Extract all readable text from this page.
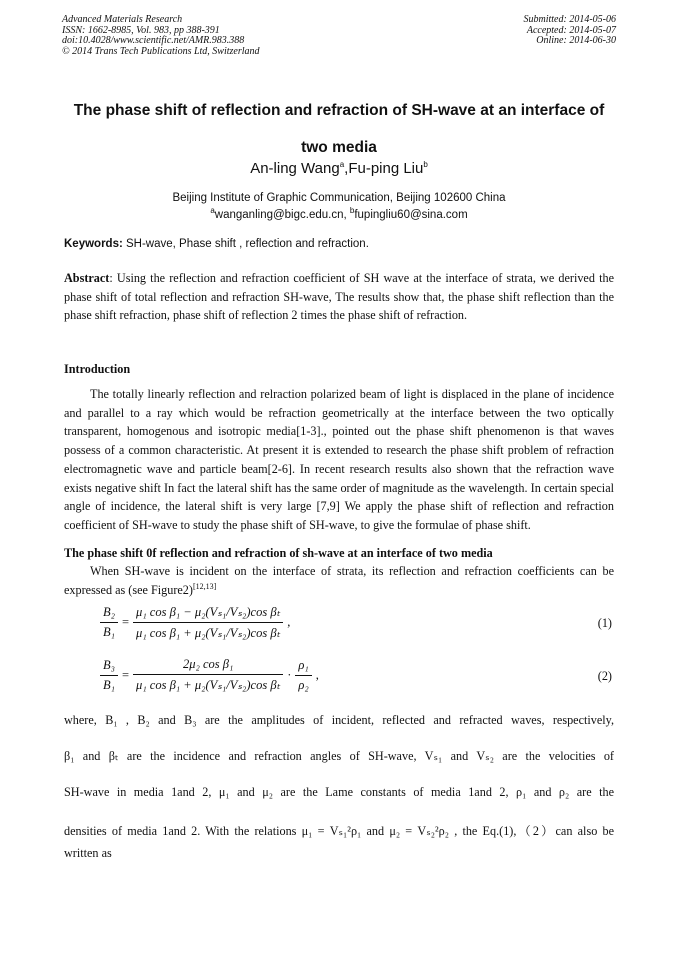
Advanced Materials Research
ISSN: 1662-8985, Vol. 983, pp 388-391
doi:10.4028/www.scientific.net/AMR.983.388
© 2014 Trans Tech Publications Ltd, Switzerland
Submitted: 2014-05-06
Accepted: 2014-05-07
Online: 2014-06-30
The phase shift of reflection and refraction of SH-wave at an interface of
two media
An-ling Wang$^a$,Fu-ping Liu$^b$
Beijing Institute of Graphic Communication, Beijing 102600 China
$^a$wanganling@bigc.edu.cn, $^b$fupingliu60@sina.com
Keywords: SH-wave, Phase shift , reflection and refraction.
Abstract: Using the reflection and refraction coefficient of SH wave at the interface of strata, we derived the phase shift of total reflection and refraction SH-wave, The results show that, the phase shift reflection than the phase shift refraction, phase shift of reflection 2 times the phase shift of refraction.
Introduction
The totally linearly reflection and relraction polarized beam of light is displaced in the plane of incidence and parallel to a ray which would be refraction geometrically at the interface between the two optically transparent, homogenous and isotropic media[1-3]., pointed out the phase shift phenomenon is that waves possess of a common characteristic. At present it is extended to research the phase shift problem of refraction electromagnetic wave and particle beam[2-6]. In recent research results also shown that the refraction wave exists negative shift In fact the lateral shift has the same order of magnitude as the wavelength. In certain special angle of incidence, the lateral shift is very large [7,9] We apply the phase shift of reflection and refraction coefficient of SH-wave to study the phase shift of SH-wave, to give the formulae of phase shift.
The phase shift 0f reflection and refraction of sh-wave at an interface of two media
When SH-wave is incident on the interface of strata, its reflection and refraction coefficients can be expressed as (see Figure2)[12,13]
$\frac{\text{B₂}}{\text{B₁}} = \frac{\text{μ₁ cos β₁ − μ₂(Vₛ₁/Vₛ₂)cos βₜ}}{\text{μ₁ cos β₁ + μ₂(Vₛ₁/Vₛ₂)cos βₜ}}$ ,	(1)
$\frac{\text{B₃}}{\text{B₁}} = \frac{\text{2μ₂ cos β₁}}{\text{μ₁ cos β₁ + μ₂(Vₛ₁/Vₛ₂)cos βₜ}} \cdot \frac{\text{ρ₁}}{\text{ρ₂}}$ ,	(2)
where, B₁ , B₂ and B₃ are the amplitudes of incident, reflected and refracted waves, respectively,
β₁ and βₜ are the incidence and refraction angles of SH-wave, Vₛ₁ and Vₛ₂ are the velocities of
SH-wave in media 1and 2, μ₁ and μ₂ are the Lame constants of media 1and 2, ρ₁ and ρ₂ are the
densities of media 1and 2. With the relations μ₁ = Vₛ₁²ρ₁ and μ₂ = Vₛ₂²ρ₂ , the Eq.(1),（2）can also be
written as
